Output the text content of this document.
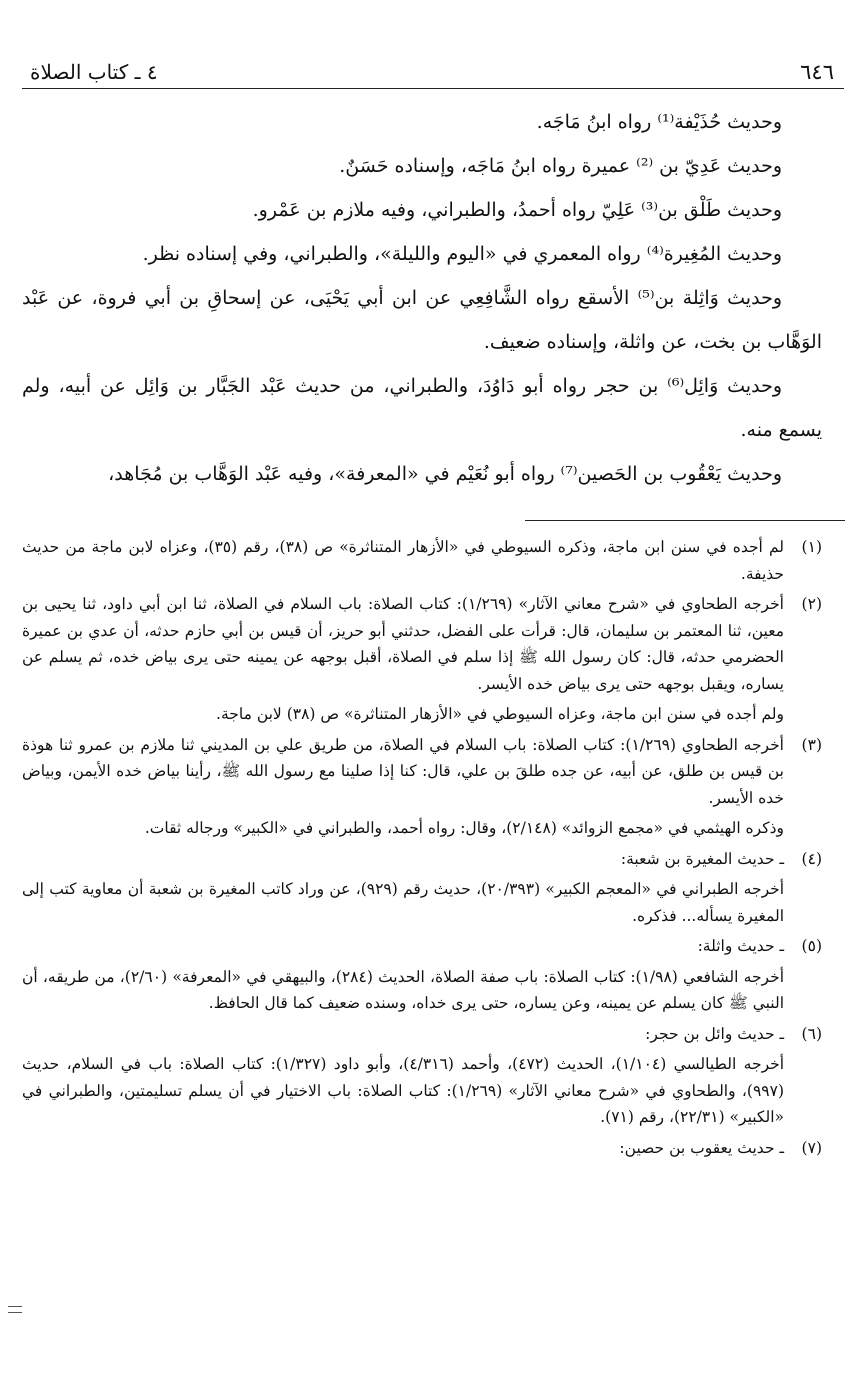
٦٤٦
٤ ـ كتاب الصلاة

وحديث حُذَيْفة⁽¹⁾ رواه ابنُ مَاجَه.

وحديث عَدِيّ بن ⁽²⁾ عميرة رواه ابنُ مَاجَه، وإسناده حَسَنٌ.

وحديث طَلْق بن⁽³⁾ عَلِيّ رواه أحمدُ، والطبراني، وفيه ملازم بن عَمْرو.

وحديث المُغِيرة⁽⁴⁾ رواه المعمري في «اليوم والليلة»، والطبراني، وفي إسناده نظر.

وحديث وَاثِلة بن⁽⁵⁾ الأسقع رواه الشَّافِعِي عن ابن أبي يَحْيَى، عن إسحاقِ بن أبي فروة، عن عَبْد الوَهَّاب بن بخت، عن واثلة، وإسناده ضعيف.

وحديث وَائِل⁽⁶⁾ بن حجر رواه أبو دَاوُدَ، والطبراني، من حديث عَبْد الجَبَّار بن وَائِل عن أبيه، ولم يسمع منه.

وحديث يَعْقُوب بن الحَصين⁽⁷⁾ رواه أبو نُعَيْم في «المعرفة»، وفيه عَبْد الوَهَّاب بن مُجَاهد،

(١)

لم أجده في سنن ابن ماجة، وذكره السيوطي في «الأزهار المتناثرة» ص (٣٨)، رقم (٣٥)، وعزاه لابن ماجة من حديث حذيفة.

(٢)

أخرجه الطحاوي في «شرح معاني الآثار» (١/٢٦٩): كتاب الصلاة: باب السلام في الصلاة، ثنا ابن أبي داود، ثنا يحيى بن معين، ثنا المعتمر بن سليمان، قال: قرأت على الفضل، حدثني أبو حريز، أن قيس بن أبي حازم حدثه، أن عدي بن عميرة الحضرمي حدثه، قال: كان رسول الله ﷺ إذا سلم في الصلاة، أقبل بوجهه عن يمينه حتى يرى بياض خده، ثم يسلم عن يساره، ويقبل بوجهه حتى يرى بياض خده الأيسر.

ولم أجده في سنن ابن ماجة، وعزاه السيوطي في «الأزهار المتناثرة» ص (٣٨) لابن ماجة.

(٣)

أخرجه الطحاوي (١/٢٦٩): كتاب الصلاة: باب السلام في الصلاة، من طريق علي بن المديني ثنا ملازم بن عمرو ثنا هوذة بن قيس بن طلق، عن أبيه، عن جده طلقَ بن علي، قال: كنا إذا صلينا مع رسول الله ﷺ، رأينا بياض خده الأيمن، وبياض خده الأيسر.

وذكره الهيثمي في «مجمع الزوائد» (٢/١٤٨)، وقال: رواه أحمد، والطبراني في «الكبير» ورجاله ثقات.

(٤)

ـ حديث المغيرة بن شعبة:

أخرجه الطبراني في «المعجم الكبير» (٢٠/٣٩٣)، حديث رقم (٩٢٩)، عن وراد كاتب المغيرة بن شعبة أن معاوية كتب إلى المغيرة يسأله... فذكره.

(٥)

ـ حديث واثلة:

أخرجه الشافعي (١/٩٨): كتاب الصلاة: باب صفة الصلاة، الحديث (٢٨٤)، والبيهقي في «المعرفة» (٢/٦٠)، من طريقه، أن النبي ﷺ كان يسلم عن يمينه، وعن يساره، حتى يرى خداه، وسنده ضعيف كما قال الحافظ.

(٦)

ـ حديث وائل بن حجر:

أخرجه الطيالسي (١/١٠٤)، الحديث (٤٧٢)، وأحمد (٤/٣١٦)، وأبو داود (١/٣٢٧): كتاب الصلاة: باب في السلام، حديث (٩٩٧)، والطحاوي في «شرح معاني الآثار» (١/٢٦٩): كتاب الصلاة: باب الاختيار في أن يسلم تسليمتين، والطبراني في «الكبير» (٢٢/٣١)، رقم (٧١).

(٧)

ـ حديث يعقوب بن حصين:
